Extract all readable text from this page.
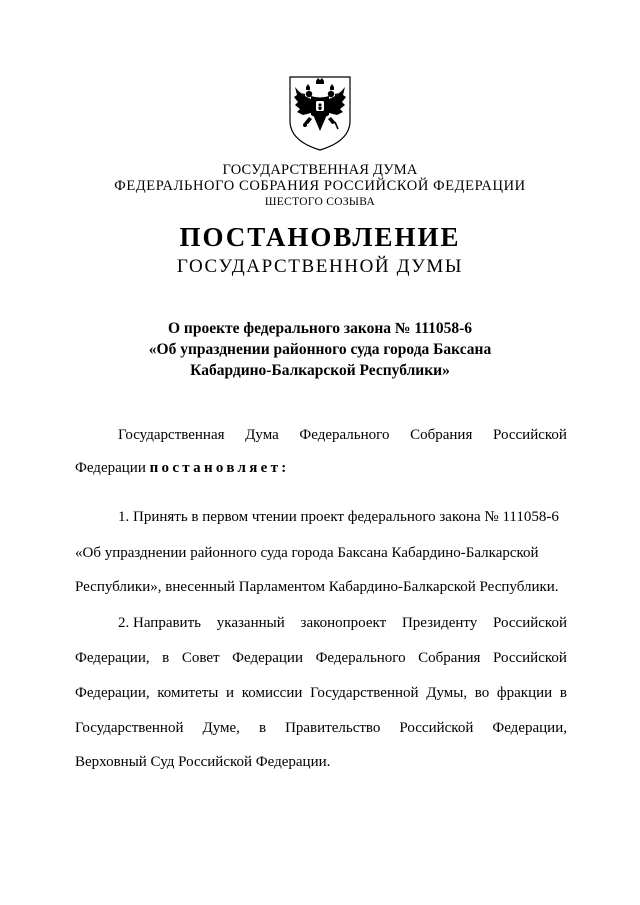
ГОСУДАРСТВЕННАЯ ДУМА
ФЕДЕРАЛЬНОГО СОБРАНИЯ РОССИЙСКОЙ ФЕДЕРАЦИИ
ШЕСТОГО СОЗЫВА
ПОСТАНОВЛЕНИЕ
ГОСУДАРСТВЕННОЙ ДУМЫ
О проекте федерального закона № 111058-6
«Об упразднении районного суда города Баксана
Кабардино-Балкарской Республики»
Государственная Дума Федерального Собрания Российской
Федерации постановляет:
1. Принять в первом чтении проект федерального закона № 111058-6
«Об упразднении районного суда города Баксана Кабардино-Балкарской
Республики», внесенный Парламентом Кабардино-Балкарской Республики.
2. Направить указанный законопроект Президенту Российской
Федерации, в Совет Федерации Федерального Собрания Российской
Федерации, комитеты и комиссии Государственной Думы, во фракции в
Государственной Думе, в Правительство Российской Федерации,
Верховный Суд Российской Федерации.
